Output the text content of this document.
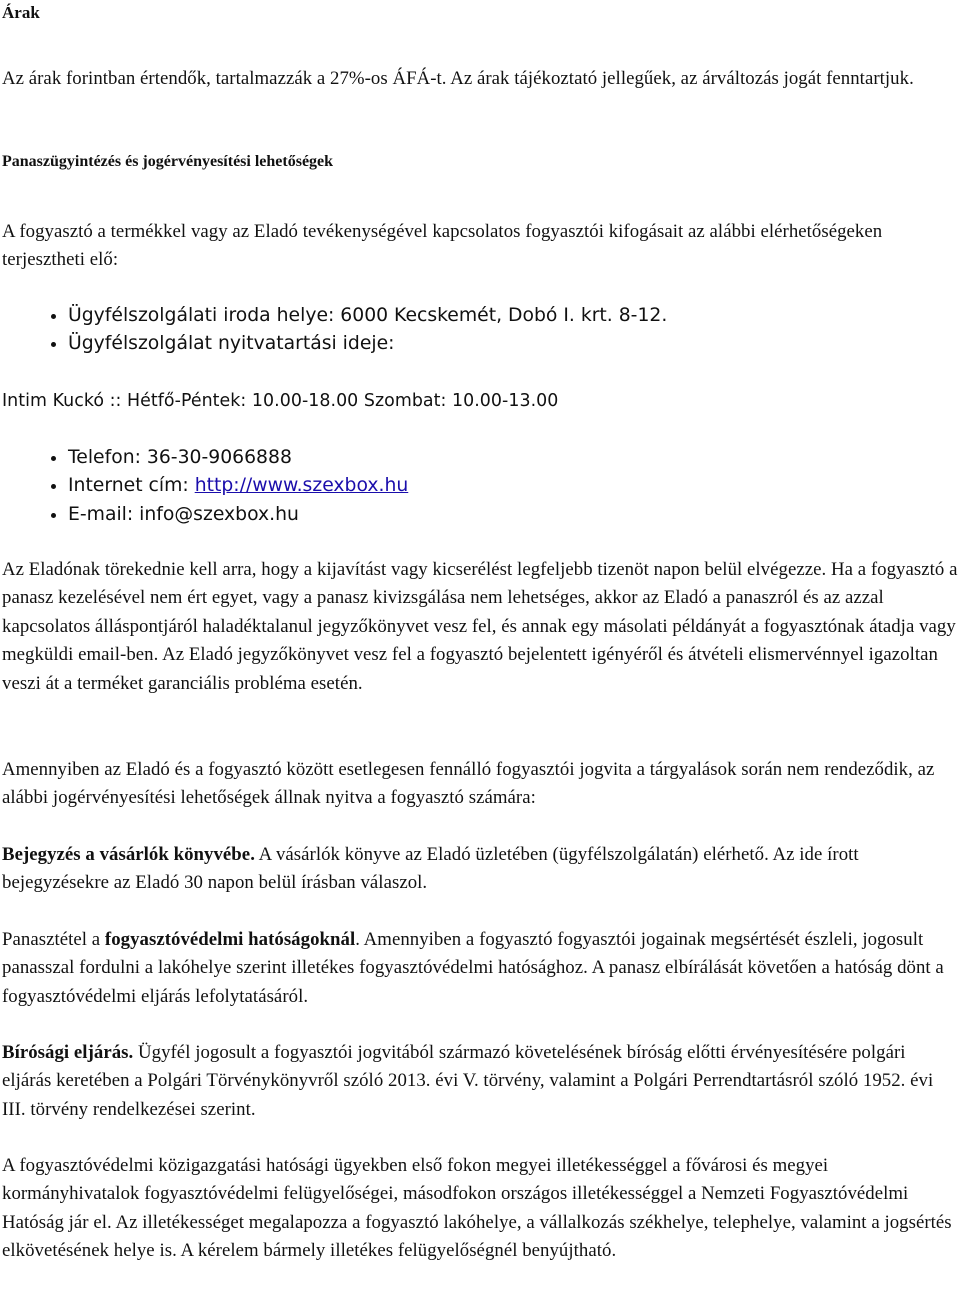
Árak

Az árak forintban értendők, tartalmazzák a 27%-os ÁFÁ-t. Az árak tájékoztató jellegűek, az árváltozás jogát fenntartjuk.

Panaszügyintézés és jogérvényesítési lehetőségek

A fogyasztó a termékkel vagy az Eladó tevékenységével kapcsolatos fogyasztói kifogásait az alábbi elérhetőségeken terjesztheti elő:

• Ügyfélszolgálati iroda helye: 6000 Kecskemét, Dobó I. krt. 8-12.
• Ügyfélszolgálat nyitvatartási ideje:

Intim Kuckó :: Hétfő-Péntek: 10.00-18.00 Szombat: 10.00-13.00

• Telefon: 36-30-9066888
• Internet cím: http://www.szexbox.hu
• E-mail: info@szexbox.hu

Az Eladónak törekednie kell arra, hogy a kijavítást vagy kicserélést legfeljebb tizenöt napon belül elvégezze. Ha a fogyasztó a panasz kezelésével nem ért egyet, vagy a panasz kivizsgálása nem lehetséges, akkor az Eladó a panaszról és az azzal kapcsolatos álláspontjáról haladéktalanul jegyzőkönyvet vesz fel, és annak egy másolati példányát a fogyasztónak átadja vagy megküldi email-ben. Az Eladó jegyzőkönyvet vesz fel a fogyasztó bejelentett igényéről és átvételi elismervénnyel igazoltan veszi át a terméket garanciális probléma esetén.

Amennyiben az Eladó és a fogyasztó között esetlegesen fennálló fogyasztói jogvita a tárgyalások során nem rendeződik, az alábbi jogérvényesítési lehetőségek állnak nyitva a fogyasztó számára:

Bejegyzés a vásárlók könyvébe. A vásárlók könyve az Eladó üzletében (ügyfélszolgálatán) elérhető. Az ide írott bejegyzésekre az Eladó 30 napon belül írásban válaszol.

Panasztétel a fogyasztóvédelmi hatóságoknál. Amennyiben a fogyasztó fogyasztói jogainak megsértését észleli, jogosult panasszal fordulni a lakóhelye szerint illetékes fogyasztóvédelmi hatósághoz. A panasz elbírálását követően a hatóság dönt a fogyasztóvédelmi eljárás lefolytatásáról.

Bírósági eljárás. Ügyfél jogosult a fogyasztói jogvitából származó követelésének bíróság előtti érvényesítésére polgári eljárás keretében a Polgári Törvénykönyvről szóló 2013. évi V. törvény, valamint a Polgári Perrendtartásról szóló 1952. évi III. törvény rendelkezései szerint.

A fogyasztóvédelmi közigazgatási hatósági ügyekben első fokon megyei illetékességgel a fővárosi és megyei kormányhivatalok fogyasztóvédelmi felügyelőségei, másodfokon országos illetékességgel a Nemzeti Fogyasztóvédelmi Hatóság jár el. Az illetékességet megalapozza a fogyasztó lakóhelye, a vállalkozás székhelye, telephelye, valamint a jogsértés elkövetésének helye is. A kérelem bármely illetékes felügyelőségnél benyújtható.
